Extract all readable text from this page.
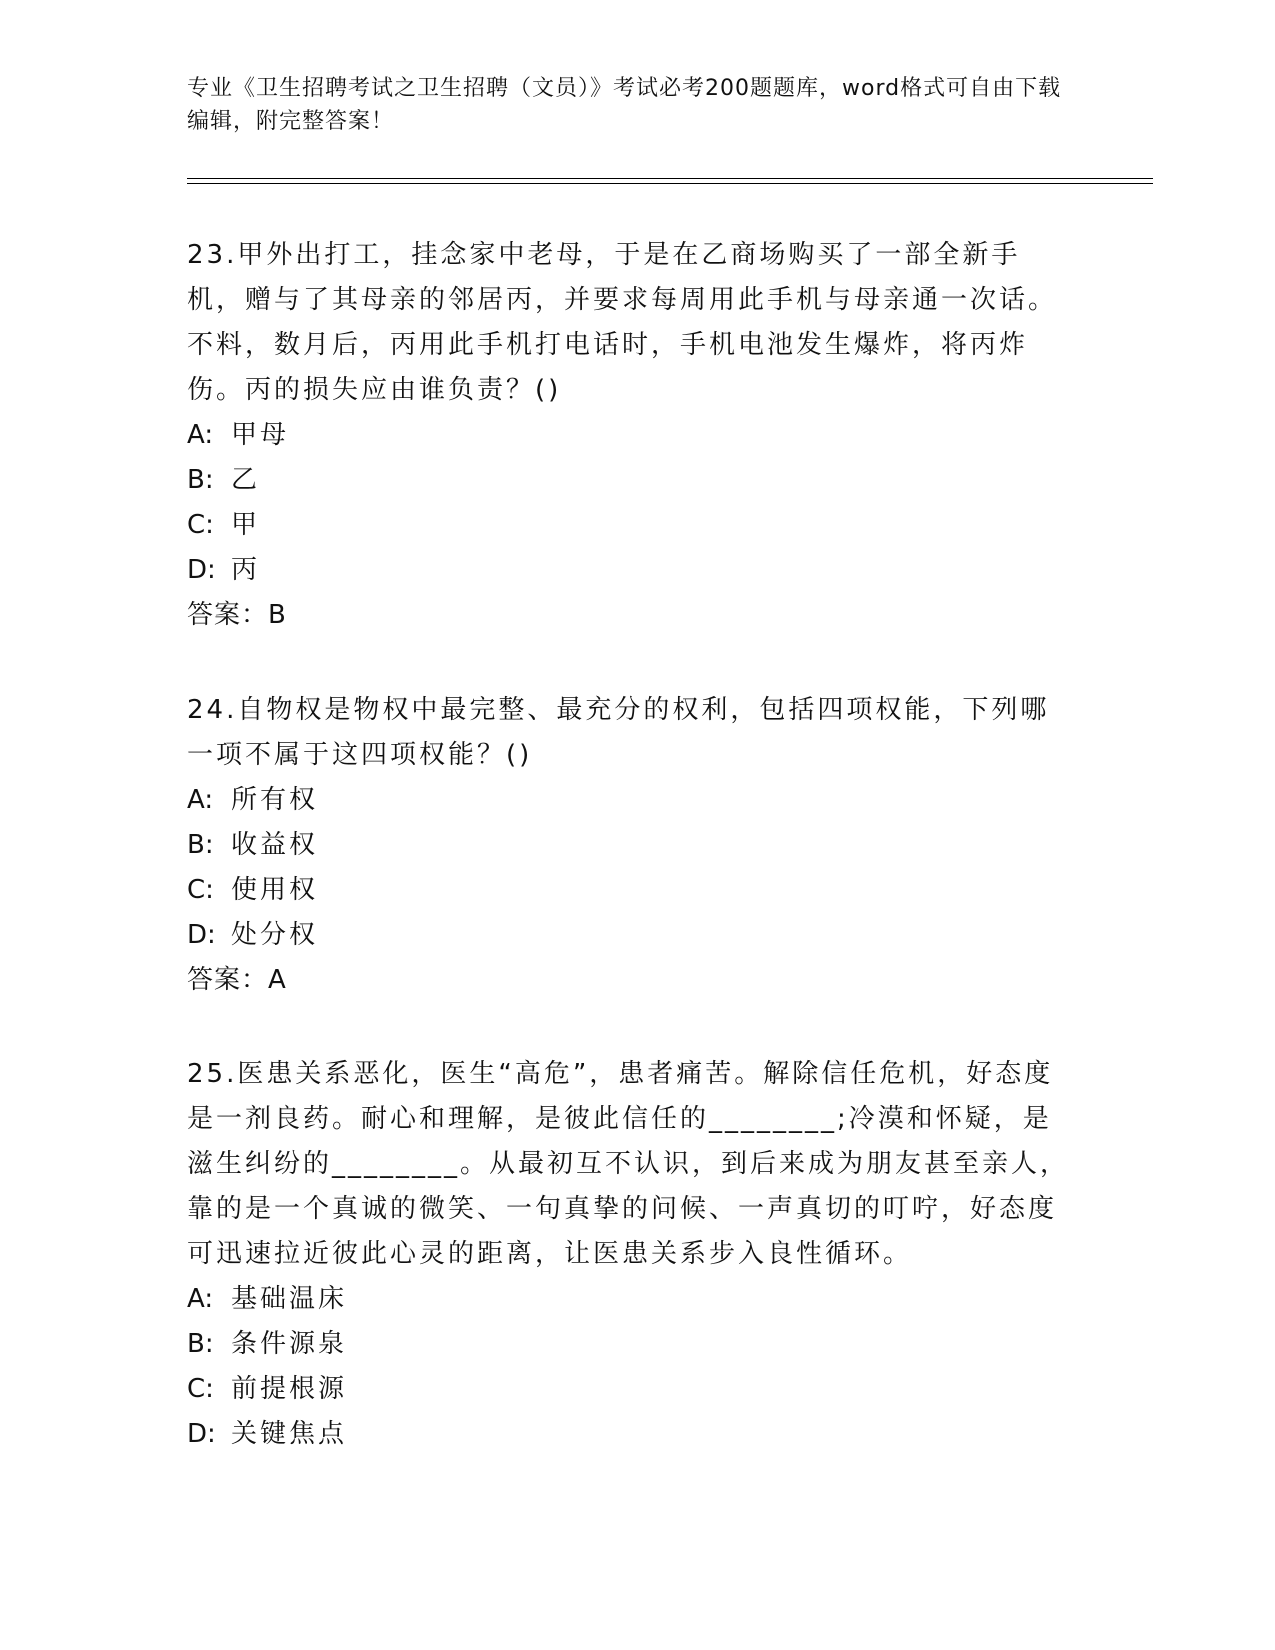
专业《卫生招聘考试之卫生招聘（文员）》考试必考200题题库，word格式可自由下载编辑，附完整答案！

23.甲外出打工，挂念家中老母，于是在乙商场购买了一部全新手机，赠与了其母亲的邻居丙，并要求每周用此手机与母亲通一次话。不料，数月后，丙用此手机打电话时，手机电池发生爆炸，将丙炸伤。丙的损失应由谁负责？()

A: 甲母
B: 乙
C: 甲
D: 丙
答案：B

24.自物权是物权中最完整、最充分的权利，包括四项权能，下列哪一项不属于这四项权能？()

A: 所有权
B: 收益权
C: 使用权
D: 处分权
答案：A

25.医患关系恶化，医生“高危”，患者痛苦。解除信任危机，好态度是一剂良药。耐心和理解，是彼此信任的________;冷漠和怀疑，是滋生纠纷的________。从最初互不认识，到后来成为朋友甚至亲人，靠的是一个真诚的微笑、一句真挚的问候、一声真切的叮咛，好态度可迅速拉近彼此心灵的距离，让医患关系步入良性循环。

A: 基础温床
B: 条件源泉
C: 前提根源
D: 关键焦点
